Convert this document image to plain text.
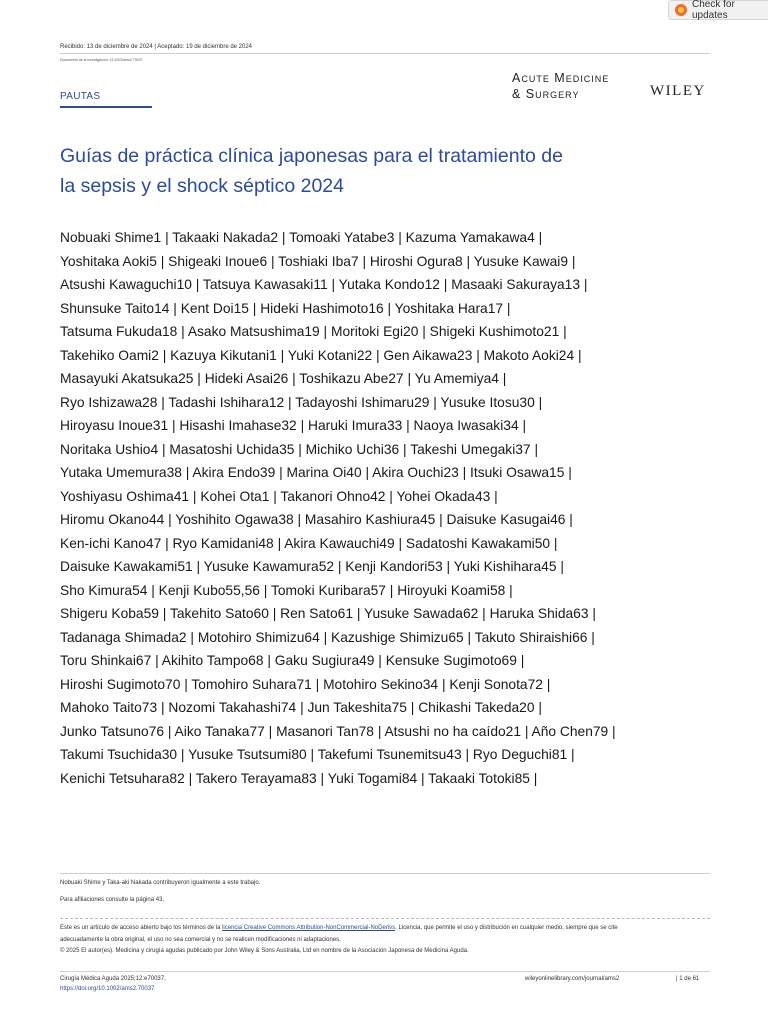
Check for updates
Recibido: 13 de diciembre de 2024 | Aceptado: 19 de diciembre de 2024
Documento de la investigación: 13.1002/ams2.70037
PAUTAS
Acute Medicine
& Surgery	WILEY
Guías de práctica clínica japonesas para el tratamiento de
la sepsis y el shock séptico 2024
Nobuaki Shime1 | Takaaki Nakada2 | Tomoaki Yatabe3 | Kazuma Yamakawa4 |
Yoshitaka Aoki5 | Shigeaki Inoue6 | Toshiaki Iba7 | Hiroshi Ogura8 | Yusuke Kawai9 |
Atsushi Kawaguchi10 | Tatsuya Kawasaki11 | Yutaka Kondo12 | Masaaki Sakuraya13 |
Shunsuke Taito14 | Kent Doi15 | Hideki Hashimoto16 | Yoshitaka Hara17 |
Tatsuma Fukuda18 | Asako Matsushima19 | Moritoki Egi20 | Shigeki Kushimoto21 |
Takehiko Oami2 | Kazuya Kikutani1 | Yuki Kotani22 | Gen Aikawa23 | Makoto Aoki24 |
Masayuki Akatsuka25 | Hideki Asai26 | Toshikazu Abe27 | Yu Amemiya4 |
Ryo Ishizawa28 | Tadashi Ishihara12 | Tadayoshi Ishimaru29 | Yusuke Itosu30 |
Hiroyasu Inoue31 | Hisashi Imahase32 | Haruki Imura33 | Naoya Iwasaki34 |
Noritaka Ushio4 | Masatoshi Uchida35 | Michiko Uchi36 | Takeshi Umegaki37 |
Yutaka Umemura38 | Akira Endo39 | Marina Oi40 | Akira Ouchi23 | Itsuki Osawa15 |
Yoshiyasu Oshima41 | Kohei Ota1 | Takanori Ohno42 | Yohei Okada43 |
Hiromu Okano44 | Yoshihito Ogawa38 | Masahiro Kashiura45 | Daisuke Kasugai46 |
Ken-ichi Kano47 | Ryo Kamidani48 | Akira Kawauchi49 | Sadatoshi Kawakami50 |
Daisuke Kawakami51 | Yusuke Kawamura52 | Kenji Kandori53 | Yuki Kishihara45 |
Sho Kimura54 | Kenji Kubo55,56 | Tomoki Kuribara57 | Hiroyuki Koami58 |
Shigeru Koba59 | Takehito Sato60 | Ren Sato61 | Yusuke Sawada62 | Haruka Shida63 |
Tadanaga Shimada2 | Motohiro Shimizu64 | Kazushige Shimizu65 | Takuto Shiraishi66 |
Toru Shinkai67 | Akihito Tampo68 | Gaku Sugiura49 | Kensuke Sugimoto69 |
Hiroshi Sugimoto70 | Tomohiro Suhara71 | Motohiro Sekino34 | Kenji Sonota72 |
Mahoko Taito73 | Nozomi Takahashi74 | Jun Takeshita75 | Chikashi Takeda20 |
Junko Tatsuno76 | Aiko Tanaka77 | Masanori Tan78 | Atsushi no ha caído21 | Año Chen79 |
Takumi Tsuchida30 | Yusuke Tsutsumi80 | Takefumi Tsunemitsu43 | Ryo Deguchi81 |
Kenichi Tetsuhara82 | Takero Terayama83 | Yuki Togami84 | Takaaki Totoki85 |
Nobuaki Shime y Taka-aki Nakada contribuyeron igualmente a este trabajo.
Para afiliaciones consulte la página 43.
Este es un artículo de acceso abierto bajo los términos de la licencia Creative Commons Attribution-NonCommercial-NoDerivs. Licencia, que permite el uso y distribución en cualquier medio, siempre que se cite
adecuadamente la obra original, el uso no sea comercial y no se realicen modificaciones ni adaptaciones.
© 2025 El autor(es). Medicina y cirugía agudas publicado por John Wiley & Sons Australia, Ltd en nombre de la Asociación Japonesa de Medicina Aguda.
Cirugía Médica Aguda 2025;12:e70037.
https://doi.org/10.1002/ams2.70037
wileyonlinelibrary.com/journal/ams2	| 1 de 61
